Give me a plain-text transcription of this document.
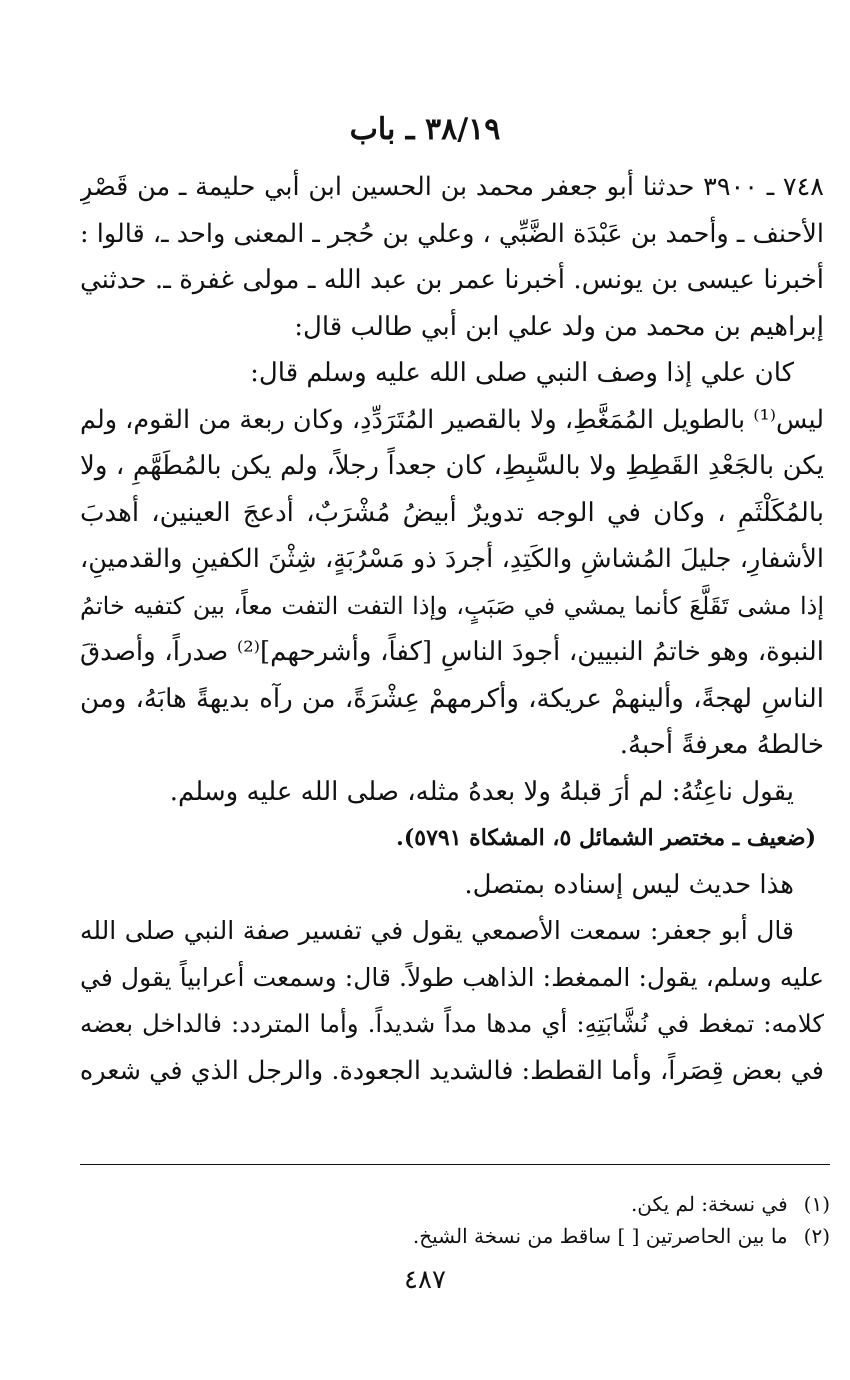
٣٨/١٩ ـ باب
٧٤٨ ـ ٣٩٠٠ حدثنا أبو جعفر محمد بن الحسين ابن أبي حليمة ـ من قَصْرِ
الأحنف ـ وأحمد بن عَبْدَة الضَّبِّي ، وعلي بن حُجر ـ المعنى واحد ـ، قالوا :
أخبرنا عيسى بن يونس. أخبرنا عمر بن عبد الله ـ مولى غفرة ـ. حدثني
إبراهيم بن محمد من ولد علي ابن أبي طالب قال:
كان علي إذا وصف النبي صلى الله عليه وسلم قال:
ليس⁽¹⁾ بالطويل المُمَغَّطِ، ولا بالقصير المُتَرَدِّدِ، وكان ربعة من القوم، ولم
يكن بالجَعْدِ القَطِطِ ولا بالسَّبِطِ، كان جعداً رجلاً، ولم يكن بالمُطَهَّمِ ، ولا
بالمُكَلْثَمِ ، وكان في الوجه تدويرٌ أبيضُ مُشْرَبٌ، أدعجَ العينين، أهدبَ
الأشفارِ، جليلَ المُشاشِ والكَتِدِ، أجردَ ذو مَسْرُبَةٍ، شِثْنَ الكفينِ والقدمينِ،
إذا مشى تَقَلَّعَ كأنما يمشي في صَبَبٍ، وإذا التفت التفت معاً، بين كتفيه خاتمُ
النبوة، وهو خاتمُ النبيين، أجودَ الناسِ [كفاً، وأشرحهم]⁽²⁾ صدراً، وأصدقَ
الناسِ لهجةً، وألينهمْ عريكة، وأكرمهمْ عِشْرَةً، من رآه بديهةً هابَهُ، ومن
خالطهُ معرفةً أحبهُ.
يقول ناعِتُهُ: لم أرَ قبلهُ ولا بعدهُ مثله، صلى الله عليه وسلم.
(ضعيف ـ مختصر الشمائل ٥، المشكاة ٥٧٩١).
هذا حديث ليس إسناده بمتصل.
قال أبو جعفر: سمعت الأصمعي يقول في تفسير صفة النبي صلى الله
عليه وسلم، يقول: الممغط: الذاهب طولاً. قال: وسمعت أعرابياً يقول في
كلامه: تمغط في نُشَّابَتِهِ: أي مدها مداً شديداً. وأما المتردد: فالداخل بعضه
في بعض قِصَراً، وأما القطط: فالشديد الجعودة. والرجل الذي في شعره
(١) في نسخة: لم يكن.
(٢) ما بين الحاصرتين [ ] ساقط من نسخة الشيخ.
٤٨٧
